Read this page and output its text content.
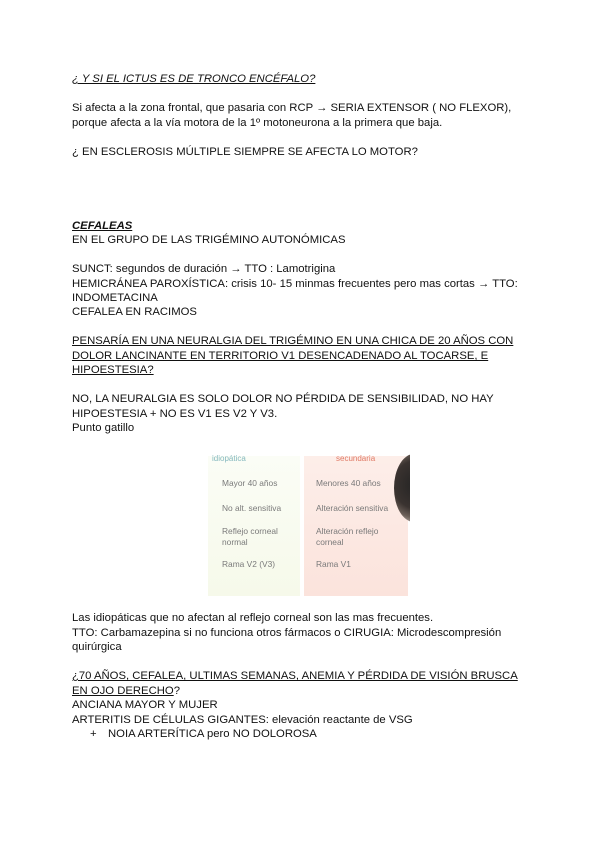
¿ Y SI EL ICTUS ES DE TRONCO ENCÉFALO?
Si afecta a la zona frontal, que pasaria con RCP → SERIA EXTENSOR ( NO FLEXOR),
porque afecta a la vía motora de la 1º motoneurona a la primera que baja.
¿ EN ESCLEROSIS MÚLTIPLE SIEMPRE SE AFECTA LO MOTOR?
CEFALEAS
EN EL GRUPO DE LAS TRIGÉMINO AUTONÓMICAS
SUNCT: segundos de duración → TTO : Lamotrigina
HEMICRÁNEA PAROXÍSTICA: crisis 10- 15 minmas frecuentes pero mas cortas → TTO:
INDOMETACINA
CEFALEA EN RACIMOS
PENSARÍA EN UNA NEURALGIA DEL TRIGÉMINO EN UNA CHICA DE 20 AÑOS CON
DOLOR LANCINANTE EN TERRITORIO V1 DESENCADENADO AL TOCARSE, E
HIPOESTESIA?
NO, LA NEURALGIA ES SOLO DOLOR NO PÉRDIDA DE SENSIBILIDAD, NO HAY
HIPOESTESIA + NO ES V1 ES V2 Y V3.
Punto gatillo
idiopática	secundaria
Mayor 40 años
No alt. sensitiva
Reflejo corneal normal
Rama V2 (V3)
Menores 40 años
Alteración sensitiva
Alteración reflejo corneal
Rama V1
Las idiopáticas que no afectan al reflejo corneal son las mas frecuentes.
TTO: Carbamazepina si no funciona otros fármacos o CIRUGIA: Microdescompresión
quirúrgica
¿70 AÑOS, CEFALEA, ULTIMAS SEMANAS, ANEMIA Y PÉRDIDA DE VISIÓN BRUSCA
EN OJO DERECHO?
ANCIANA MAYOR Y MUJER
ARTERITIS DE CÉLULAS GIGANTES: elevación reactante de VSG
+ NOIA ARTERÍTICA pero NO DOLOROSA
